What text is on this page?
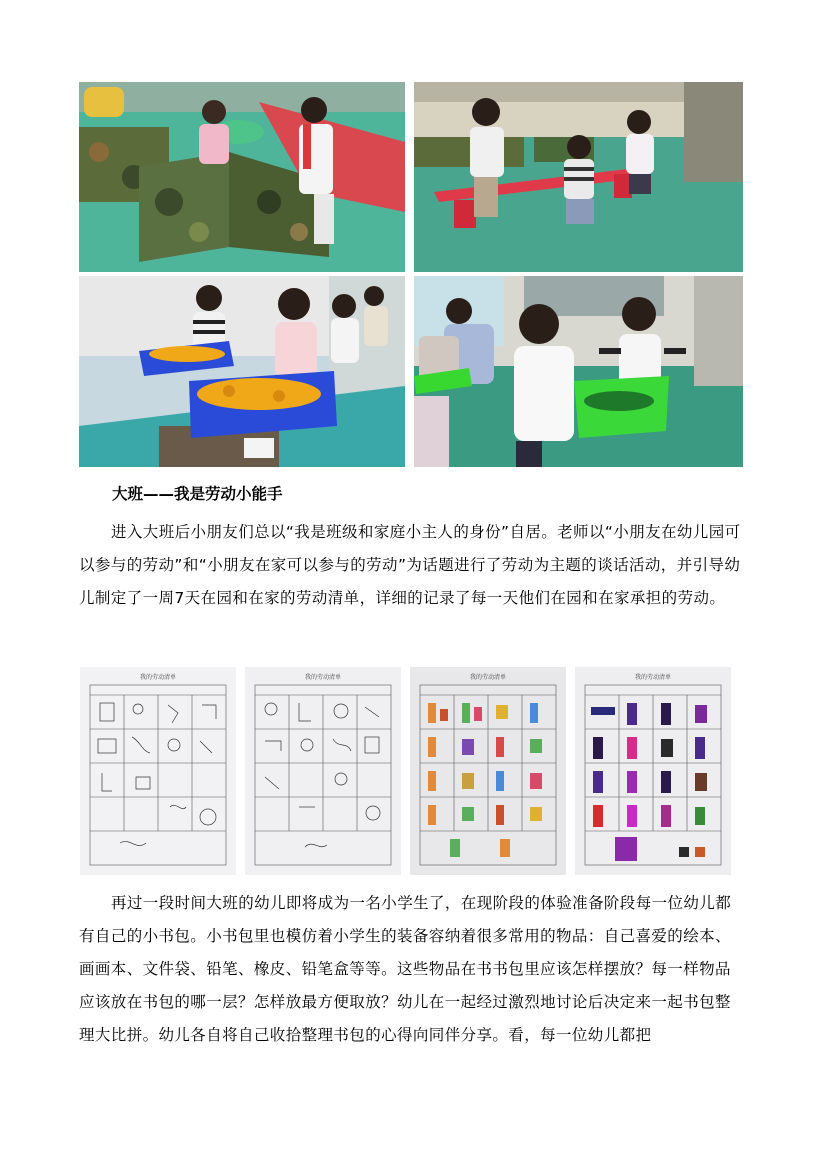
大班——我是劳动小能手
进入大班后小朋友们总以“我是班级和家庭小主人的身份”自居。老师以“小朋友在幼儿园可以参与的劳动”和“小朋友在家可以参与的劳动”为话题进行了劳动为主题的谈话活动，并引导幼儿制定了一周7天在园和在家的劳动清单，详细的记录了每一天他们在园和在家承担的劳动。
我的劳动清单	我的劳动清单	我的劳动清单	我的劳动清单
再过一段时间大班的幼儿即将成为一名小学生了，在现阶段的体验准备阶段每一位幼儿都有自己的小书包。小书包里也模仿着小学生的装备容纳着很多常用的物品：自己喜爱的绘本、画画本、文件袋、铅笔、橡皮、铅笔盒等等。这些物品在书书包里应该怎样摆放？每一样物品应该放在书包的哪一层？怎样放最方便取放？幼儿在一起经过激烈地讨论后决定来一起书包整理大比拼。幼儿各自将自己收拾整理书包的心得向同伴分享。看，每一位幼儿都把
